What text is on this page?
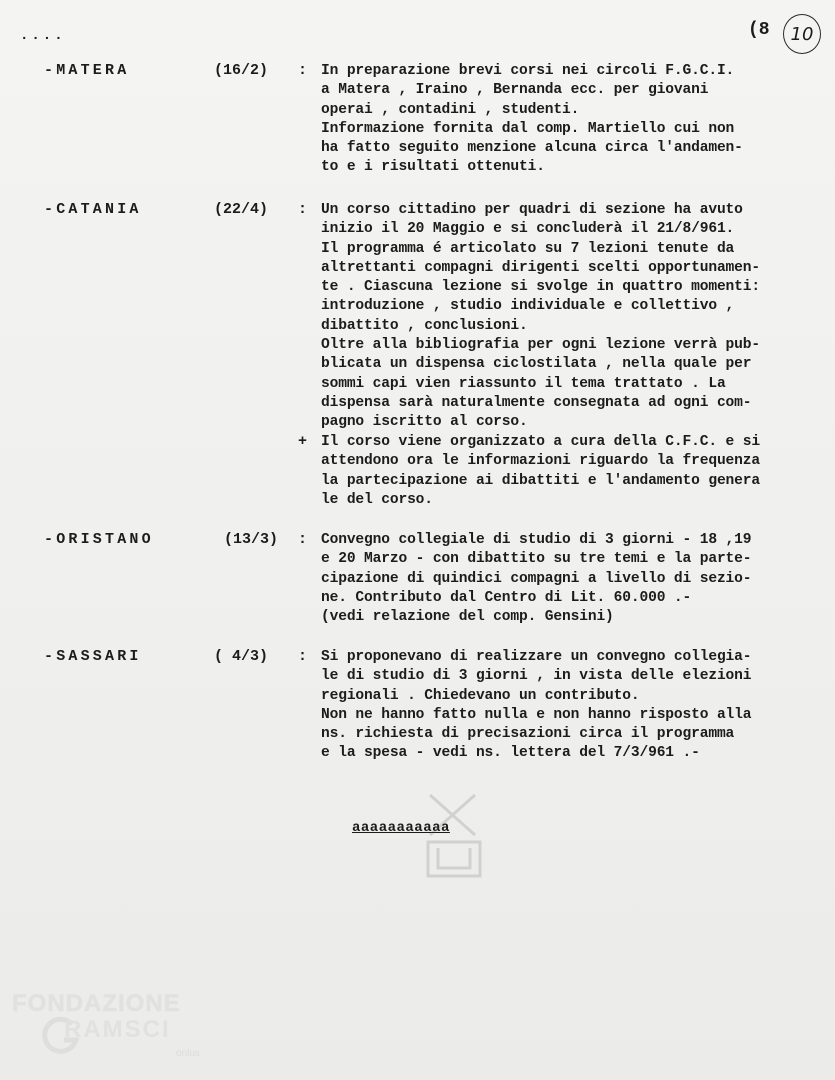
....	(8	10
-MATERA	(16/2) : In preparazione brevi corsi nei circoli F.G.C.I.
a Matera , Iraino , Bernanda ecc. per giovani
operai , contadini , studenti.
Informazione fornita dal comp. Martiello cui non
ha fatto seguito menzione alcuna circa l'andamen-
to e i risultati ottenuti.
-CATANIA	(22/4) : Un corso cittadino per quadri di sezione ha avuto
inizio il 20 Maggio e si concluderà il 21/8/961.
Il programma é articolato su 7 lezioni tenute da
altrettanti compagni dirigenti scelti opportunamen-
te . Ciascuna lezione si svolge in quattro momenti:
introduzione , studio individuale e collettivo ,
dibattito , conclusioni.
Oltre alla bibliografia per ogni lezione verrà pub-
blicata un dispensa ciclostilata , nella quale per
sommi capi vien riassunto il tema trattato . La
dispensa sarà naturalmente consegnata ad ogni com-
pagno iscritto al corso.
+ Il corso viene organizzato a cura della C.F.C. e si
attendono ora le informazioni riguardo la frequenza
la partecipazione ai dibattiti e l'andamento genera
le del corso.
-ORISTANO	(13/3) : Convegno collegiale di studio di 3 giorni - 18 ,19
e 20 Marzo - con dibattito su tre temi e la parte-
cipazione di quindici compagni a livello di sezio-
ne. Contributo dal Centro di Lit. 60.000 .-
(vedi relazione del comp. Gensini)
-SASSARI	( 4/3) : Si proponevano di realizzare un convegno collegia-
le di studio di 3 giorni , in vista delle elezioni
regionali . Chiedevano un contributo.
Non ne hanno fatto nulla e non hanno risposto alla
ns. richiesta di precisazioni circa il programma
e la spesa - vedi ns. lettera del 7/3/961 .-
aaaaaaaaaaa
FONDAZIONE
RAMSCI
onlus
